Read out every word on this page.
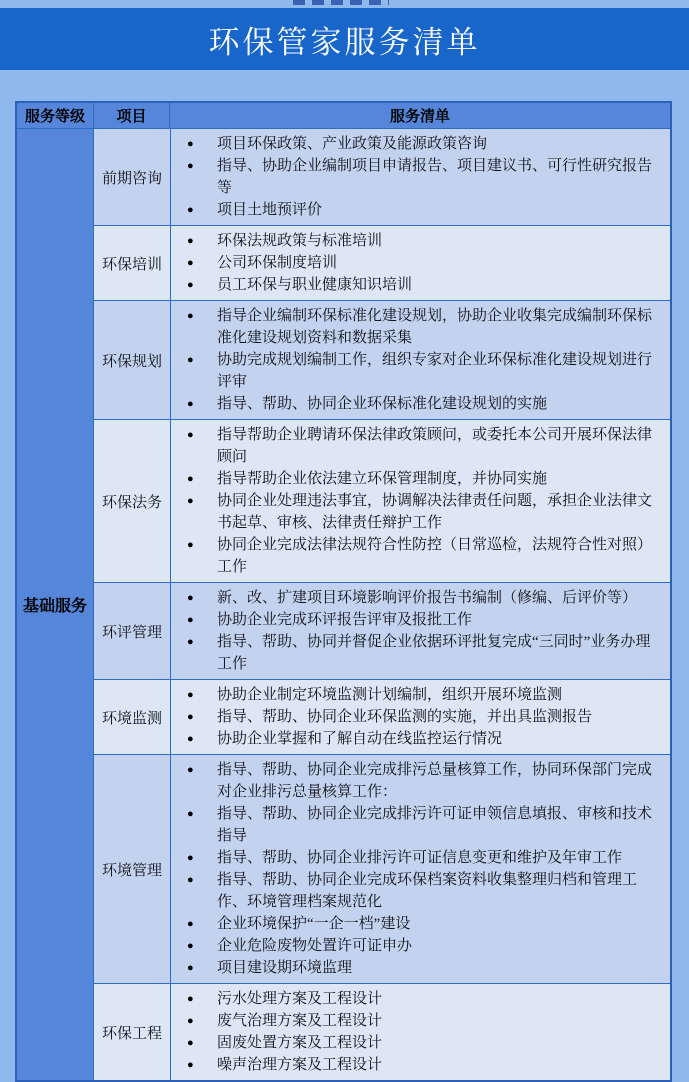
环保管家服务清单
服务等级	项目	服务清单
基础服务
前期咨询
●	项目环保政策、产业政策及能源政策咨询
●	指导、协助企业编制项目申请报告、项目建议书、可行性研究报告等
●	项目土地预评价
环保培训
●	环保法规政策与标准培训
●	公司环保制度培训
●	员工环保与职业健康知识培训
环保规划
●	指导企业编制环保标准化建设规划，协助企业收集完成编制环保标准化建设规划资料和数据采集
●	协助完成规划编制工作，组织专家对企业环保标准化建设规划进行评审
●	指导、帮助、协同企业环保标准化建设规划的实施
环保法务
●	指导帮助企业聘请环保法律政策顾问，或委托本公司开展环保法律顾问
●	指导帮助企业依法建立环保管理制度，并协同实施
●	协同企业处理违法事宜，协调解决法律责任问题，承担企业法律文书起草、审核、法律责任辩护工作
●	协同企业完成法律法规符合性防控（日常巡检，法规符合性对照）工作
环评管理
●	新、改、扩建项目环境影响评价报告书编制（修编、后评价等）
●	协助企业完成环评报告评审及报批工作
●	指导、帮助、协同并督促企业依据环评批复完成“三同时”业务办理工作
环境监测
●	协助企业制定环境监测计划编制，组织开展环境监测
●	指导、帮助、协同企业环保监测的实施，并出具监测报告
●	协助企业掌握和了解自动在线监控运行情况
环境管理
●	指导、帮助、协同企业完成排污总量核算工作，协同环保部门完成对企业排污总量核算工作：
●	指导、帮助、协同企业完成排污许可证申领信息填报、审核和技术指导
●	指导、帮助、协同企业排污许可证信息变更和维护及年审工作
●	指导、帮助、协同企业完成环保档案资料收集整理归档和管理工作、环境管理档案规范化
●	企业环境保护“一企一档”建设
●	企业危险废物处置许可证申办
●	项目建设期环境监理
环保工程
●	污水处理方案及工程设计
●	废气治理方案及工程设计
●	固废处置方案及工程设计
●	噪声治理方案及工程设计
